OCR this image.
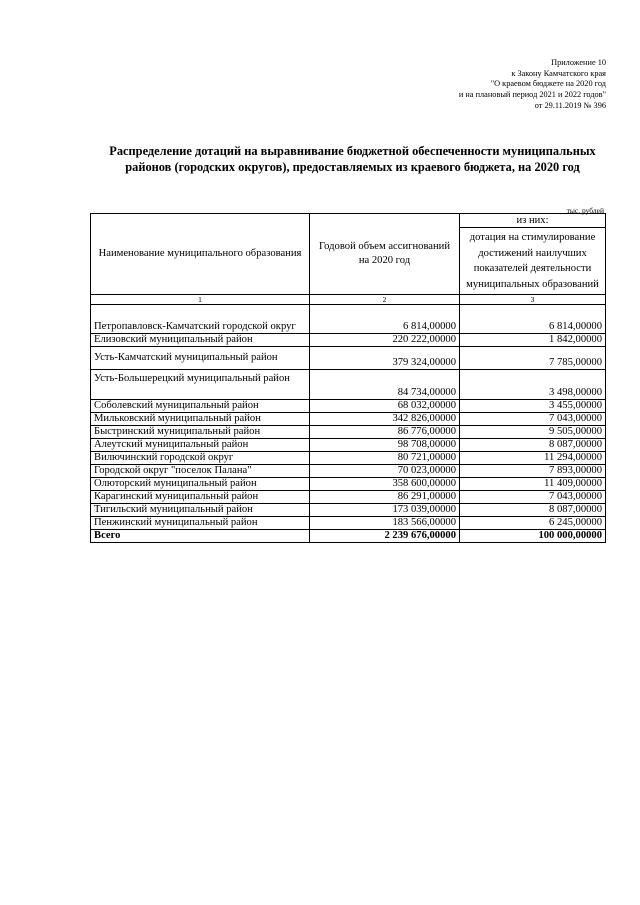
Приложение 10
к Закону Камчатского края
"О краевом бюджете на 2020 год
и на плановый период 2021 и 2022 годов"
от 29.11.2019 № 396
Распределение дотаций на выравнивание бюджетной обеспеченности муниципальных районов (городских округов), предоставляемых из краевого бюджета, на 2020 год
тыс. рублей
Наименование муниципального образования	Годовой объем ассигнований на 2020 год	из них:
		дотация на стимулирование достижений наилучших показателей деятельности муниципальных образований
1	2	3
Петропавловск-Камчатский городской округ	6 814,00000	6 814,00000
Елизовский муниципальный район	220 222,00000	1 842,00000
Усть-Камчатский муниципальный район	379 324,00000	7 785,00000
Усть-Большерецкий муниципальный район	84 734,00000	3 498,00000
Соболевский муниципальный район	68 032,00000	3 455,00000
Мильковский муниципальный район	342 826,00000	7 043,00000
Быстринский муниципальный район	86 776,00000	9 505,00000
Алеутский муниципальный район	98 708,00000	8 087,00000
Вилючинский городской округ	80 721,00000	11 294,00000
Городской округ "поселок Палана"	70 023,00000	7 893,00000
Олюторский муниципальный район	358 600,00000	11 409,00000
Карагинский муниципальный район	86 291,00000	7 043,00000
Тигильский муниципальный район	173 039,00000	8 087,00000
Пенжинский муниципальный район	183 566,00000	6 245,00000
Всего	2 239 676,00000	100 000,00000
